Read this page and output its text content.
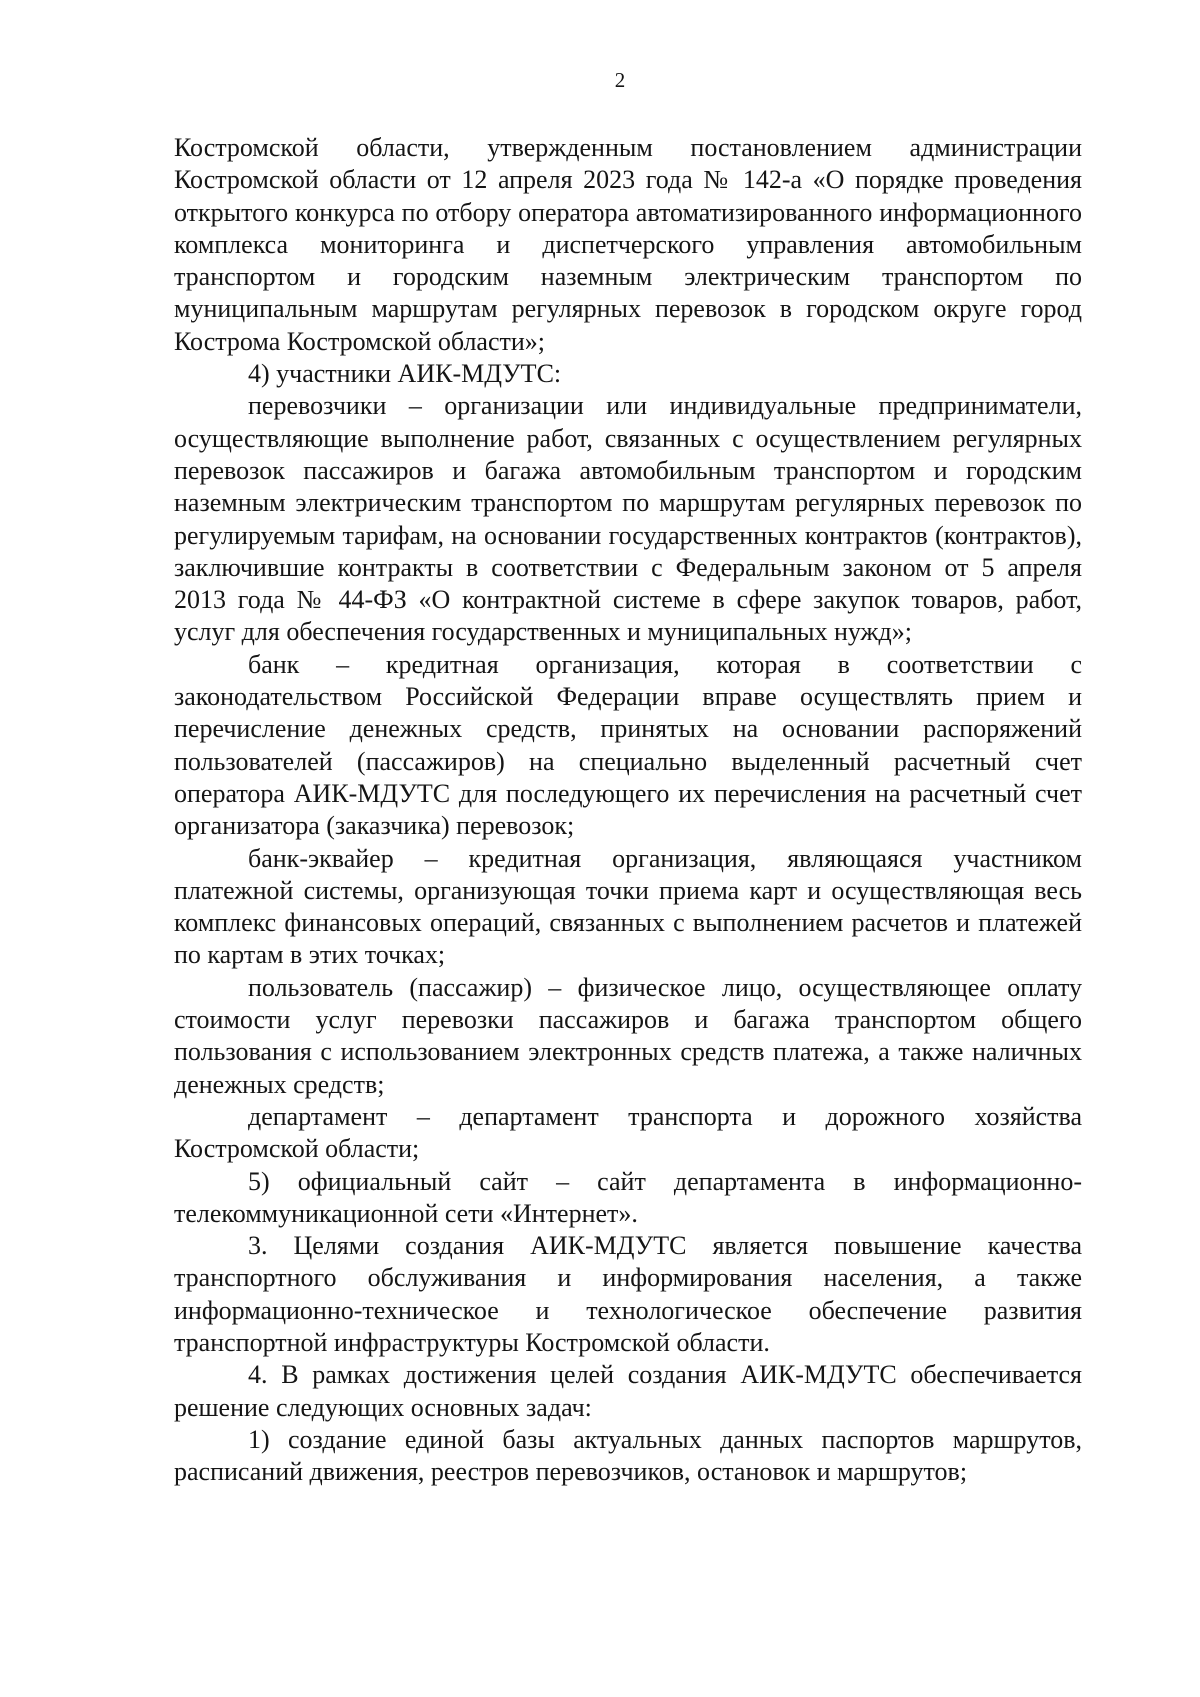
2

Костромской области, утвержденным постановлением администрации Костромской области от 12 апреля 2023 года № 142-а «О порядке проведения открытого конкурса по отбору оператора автоматизированного информационного комплекса мониторинга и диспетчерского управления автомобильным транспортом и городским наземным электрическим транспортом по муниципальным маршрутам регулярных перевозок в городском округе город Кострома Костромской области»;

4) участники АИК-МДУТС:

перевозчики – организации или индивидуальные предприниматели, осуществляющие выполнение работ, связанных с осуществлением регулярных перевозок пассажиров и багажа автомобильным транспортом и городским наземным электрическим транспортом по маршрутам регулярных перевозок по регулируемым тарифам, на основании государственных контрактов (контрактов), заключившие контракты в соответствии с Федеральным законом от 5 апреля 2013 года № 44-ФЗ «О контрактной системе в сфере закупок товаров, работ, услуг для обеспечения государственных и муниципальных нужд»;

банк – кредитная организация, которая в соответствии с законодательством Российской Федерации вправе осуществлять прием и перечисление денежных средств, принятых на основании распоряжений пользователей (пассажиров) на специально выделенный расчетный счет оператора АИК-МДУТС для последующего их перечисления на расчетный счет организатора (заказчика) перевозок;

банк-эквайер – кредитная организация, являющаяся участником платежной системы, организующая точки приема карт и осуществляющая весь комплекс финансовых операций, связанных с выполнением расчетов и платежей по картам в этих точках;

пользователь (пассажир) – физическое лицо, осуществляющее оплату стоимости услуг перевозки пассажиров и багажа транспортом общего пользования с использованием электронных средств платежа, а также наличных денежных средств;

департамент – департамент транспорта и дорожного хозяйства Костромской области;

5) официальный сайт – сайт департамента в информационно-телекоммуникационной сети «Интернет».

3. Целями создания АИК-МДУТС является повышение качества транспортного обслуживания и информирования населения, а также информационно-техническое и технологическое обеспечение развития транспортной инфраструктуры Костромской области.

4. В рамках достижения целей создания АИК-МДУТС обеспечивается решение следующих основных задач:

1) создание единой базы актуальных данных паспортов маршрутов, расписаний движения, реестров перевозчиков, остановок и маршрутов;
